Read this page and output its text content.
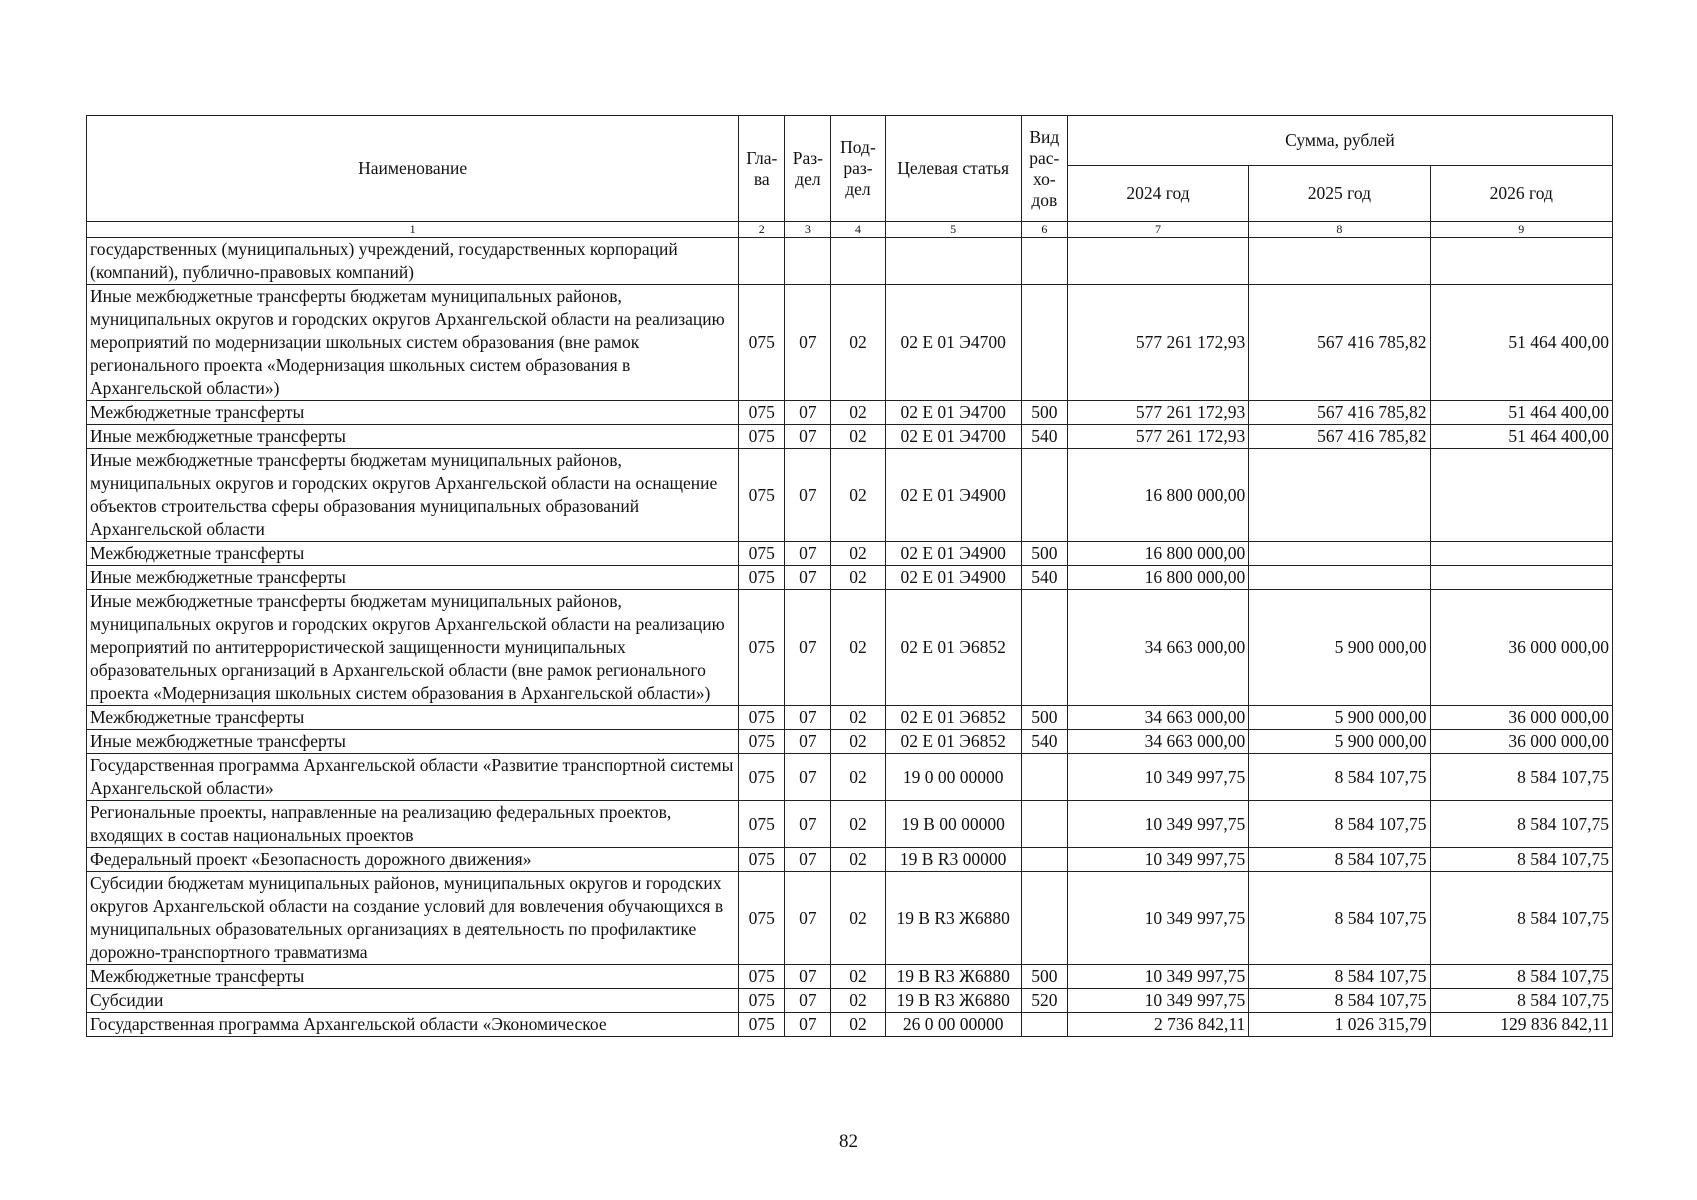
Наименование	Гла-ва	Раз-дел	Под-раз-дел	Целевая статья	Вид рас-хо-дов	Сумма, рублей		
						2024 год	2025 год	2026 год
1	2	3	4	5	6	7	8	9
государственных (муниципальных) учреждений, государственных корпораций (компаний), публично-правовых компаний)								
Иные межбюджетные трансферты бюджетам муниципальных районов, муниципальных округов и городских округов Архангельской области на реализацию мероприятий по модернизации школьных систем образования (вне рамок регионального проекта «Модернизация школьных систем образования в Архангельской области»)	075	07	02	02 Е 01 Э4700		577 261 172,93	567 416 785,82	51 464 400,00
Межбюджетные трансферты	075	07	02	02 Е 01 Э4700	500	577 261 172,93	567 416 785,82	51 464 400,00
Иные межбюджетные трансферты	075	07	02	02 Е 01 Э4700	540	577 261 172,93	567 416 785,82	51 464 400,00
Иные межбюджетные трансферты бюджетам муниципальных районов, муниципальных округов и городских округов Архангельской области на оснащение объектов строительства сферы образования муниципальных образований Архангельской области	075	07	02	02 Е 01 Э4900		16 800 000,00		
Межбюджетные трансферты	075	07	02	02 Е 01 Э4900	500	16 800 000,00		
Иные межбюджетные трансферты	075	07	02	02 Е 01 Э4900	540	16 800 000,00		
Иные межбюджетные трансферты бюджетам муниципальных районов, муниципальных округов и городских округов Архангельской области на реализацию мероприятий по антитеррористической защищенности муниципальных образовательных организаций в Архангельской области (вне рамок регионального проекта «Модернизация школьных систем образования в Архангельской области»)	075	07	02	02 Е 01 Э6852		34 663 000,00	5 900 000,00	36 000 000,00
Межбюджетные трансферты	075	07	02	02 Е 01 Э6852	500	34 663 000,00	5 900 000,00	36 000 000,00
Иные межбюджетные трансферты	075	07	02	02 Е 01 Э6852	540	34 663 000,00	5 900 000,00	36 000 000,00
Государственная программа Архангельской области «Развитие транспортной системы Архангельской области»	075	07	02	19 0 00 00000		10 349 997,75	8 584 107,75	8 584 107,75
Региональные проекты, направленные на реализацию федеральных проектов, входящих в состав национальных проектов	075	07	02	19 В 00 00000		10 349 997,75	8 584 107,75	8 584 107,75
Федеральный проект «Безопасность дорожного движения»	075	07	02	19 В R3 00000		10 349 997,75	8 584 107,75	8 584 107,75
Субсидии бюджетам муниципальных районов, муниципальных округов и городских округов Архангельской области на создание условий для вовлечения обучающихся в муниципальных образовательных организациях в деятельность по профилактике дорожно-транспортного травматизма	075	07	02	19 В R3 Ж6880		10 349 997,75	8 584 107,75	8 584 107,75
Межбюджетные трансферты	075	07	02	19 В R3 Ж6880	500	10 349 997,75	8 584 107,75	8 584 107,75
Субсидии	075	07	02	19 В R3 Ж6880	520	10 349 997,75	8 584 107,75	8 584 107,75
Государственная программа Архангельской области «Экономическое	075	07	02	26 0 00 00000		2 736 842,11	1 026 315,79	129 836 842,11
82
